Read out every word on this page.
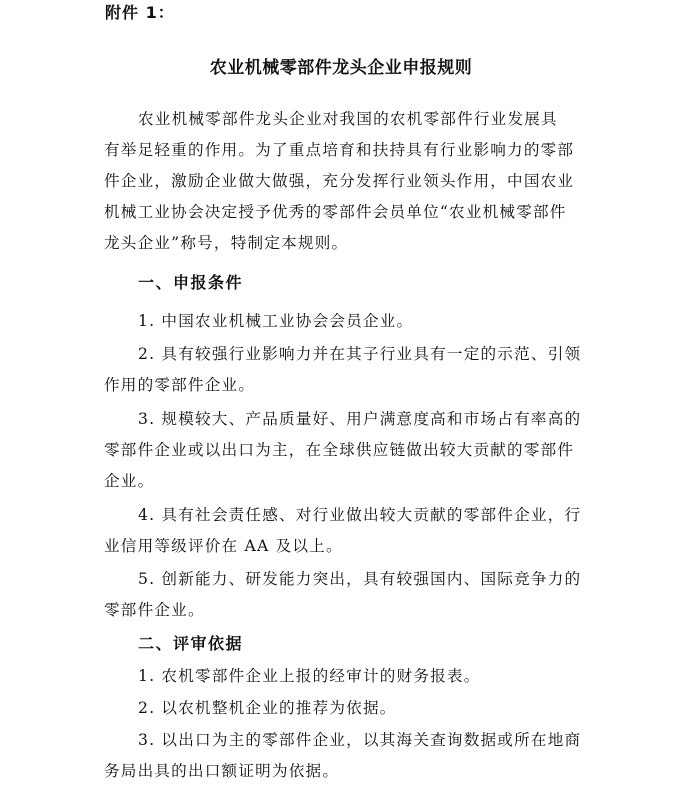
附件 1：
农业机械零部件龙头企业申报规则
农业机械零部件龙头企业对我国的农机零部件行业发展具
有举足轻重的作用。为了重点培育和扶持具有行业影响力的零部
件企业，激励企业做大做强，充分发挥行业领头作用，中国农业
机械工业协会决定授予优秀的零部件会员单位“农业机械零部件
龙头企业”称号，特制定本规则。
一、申报条件
1. 中国农业机械工业协会会员企业。
2. 具有较强行业影响力并在其子行业具有一定的示范、引领
作用的零部件企业。
3. 规模较大、产品质量好、用户满意度高和市场占有率高的
零部件企业或以出口为主，在全球供应链做出较大贡献的零部件
企业。
4. 具有社会责任感、对行业做出较大贡献的零部件企业，行
业信用等级评价在 AA 及以上。
5. 创新能力、研发能力突出，具有较强国内、国际竞争力的
零部件企业。
二、评审依据
1. 农机零部件企业上报的经审计的财务报表。
2. 以农机整机企业的推荐为依据。
3. 以出口为主的零部件企业，以其海关查询数据或所在地商
务局出具的出口额证明为依据。
